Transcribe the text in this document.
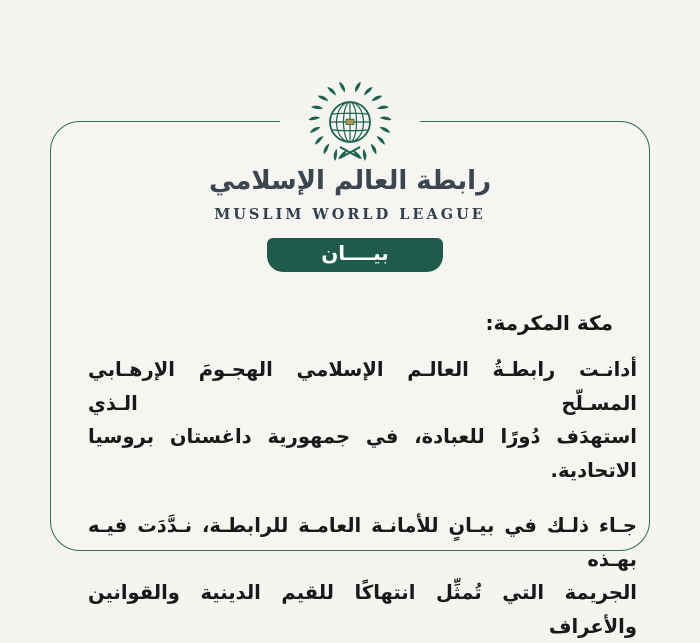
رابطة العالم الإسلامي
MUSLIM WORLD LEAGUE
بيــــان
مكة المكرمة:
أدانـت رابطـةُ العالـم الإسلامي الهجـومَ الإرهـابي المسـلّح الـذي
استهدَف دُورًا للعبادة، في جمهورية داغستان بروسيا الاتحادية.
جـاء ذلـك في بيـانٍ للأمانـة العامـة للرابطـة، نـدَّدَت فيـه بهـذه
الجريمة التي تُمثِّل انتهاكًا للقيم الدينية والقوانين والأعراف
